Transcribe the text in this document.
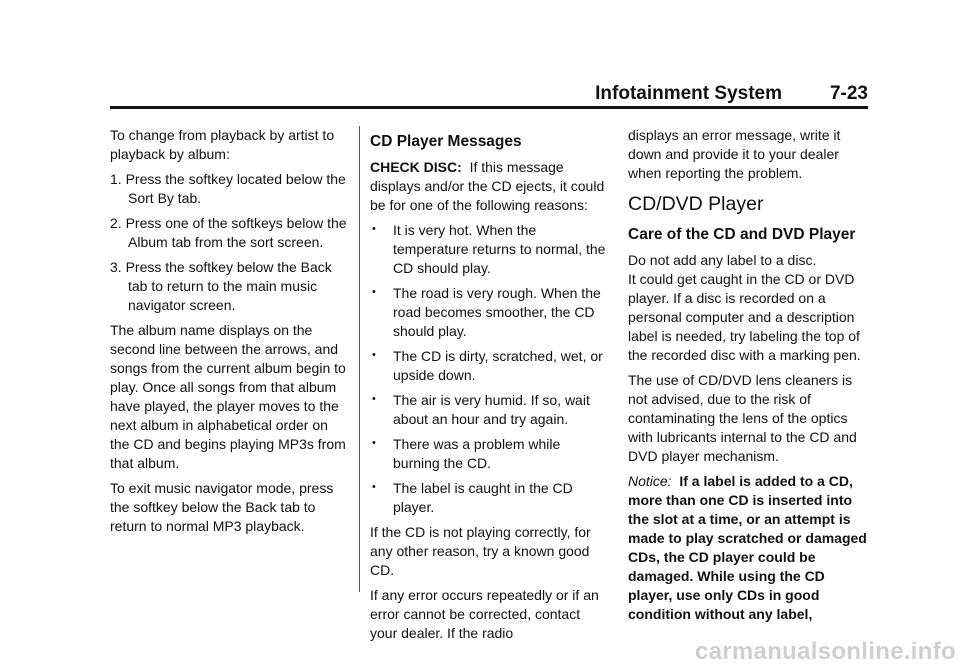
Infotainment System	7-23

To change from playback by artist to playback by album:

1. Press the softkey located below the Sort By tab.

2. Press one of the softkeys below the Album tab from the sort screen.

3. Press the softkey below the Back tab to return to the main music navigator screen.

The album name displays on the second line between the arrows, and songs from the current album begin to play. Once all songs from that album have played, the player moves to the next album in alphabetical order on the CD and begins playing MP3s from that album.

To exit music navigator mode, press the softkey below the Back tab to return to normal MP3 playback.

CD Player Messages

CHECK DISC: If this message displays and/or the CD ejects, it could be for one of the following reasons:

• It is very hot. When the temperature returns to normal, the CD should play.
• The road is very rough. When the road becomes smoother, the CD should play.
• The CD is dirty, scratched, wet, or upside down.
• The air is very humid. If so, wait about an hour and try again.
• There was a problem while burning the CD.
• The label is caught in the CD player.

If the CD is not playing correctly, for any other reason, try a known good CD.

If any error occurs repeatedly or if an error cannot be corrected, contact your dealer. If the radio

displays an error message, write it down and provide it to your dealer when reporting the problem.

CD/DVD Player
Care of the CD and DVD Player

Do not add any label to a disc.
It could get caught in the CD or DVD player. If a disc is recorded on a personal computer and a description label is needed, try labeling the top of the recorded disc with a marking pen.

The use of CD/DVD lens cleaners is not advised, due to the risk of contaminating the lens of the optics with lubricants internal to the CD and DVD player mechanism.

Notice: If a label is added to a CD, more than one CD is inserted into the slot at a time, or an attempt is made to play scratched or damaged CDs, the CD player could be damaged. While using the CD player, use only CDs in good condition without any label,

carmanualsonline.info
